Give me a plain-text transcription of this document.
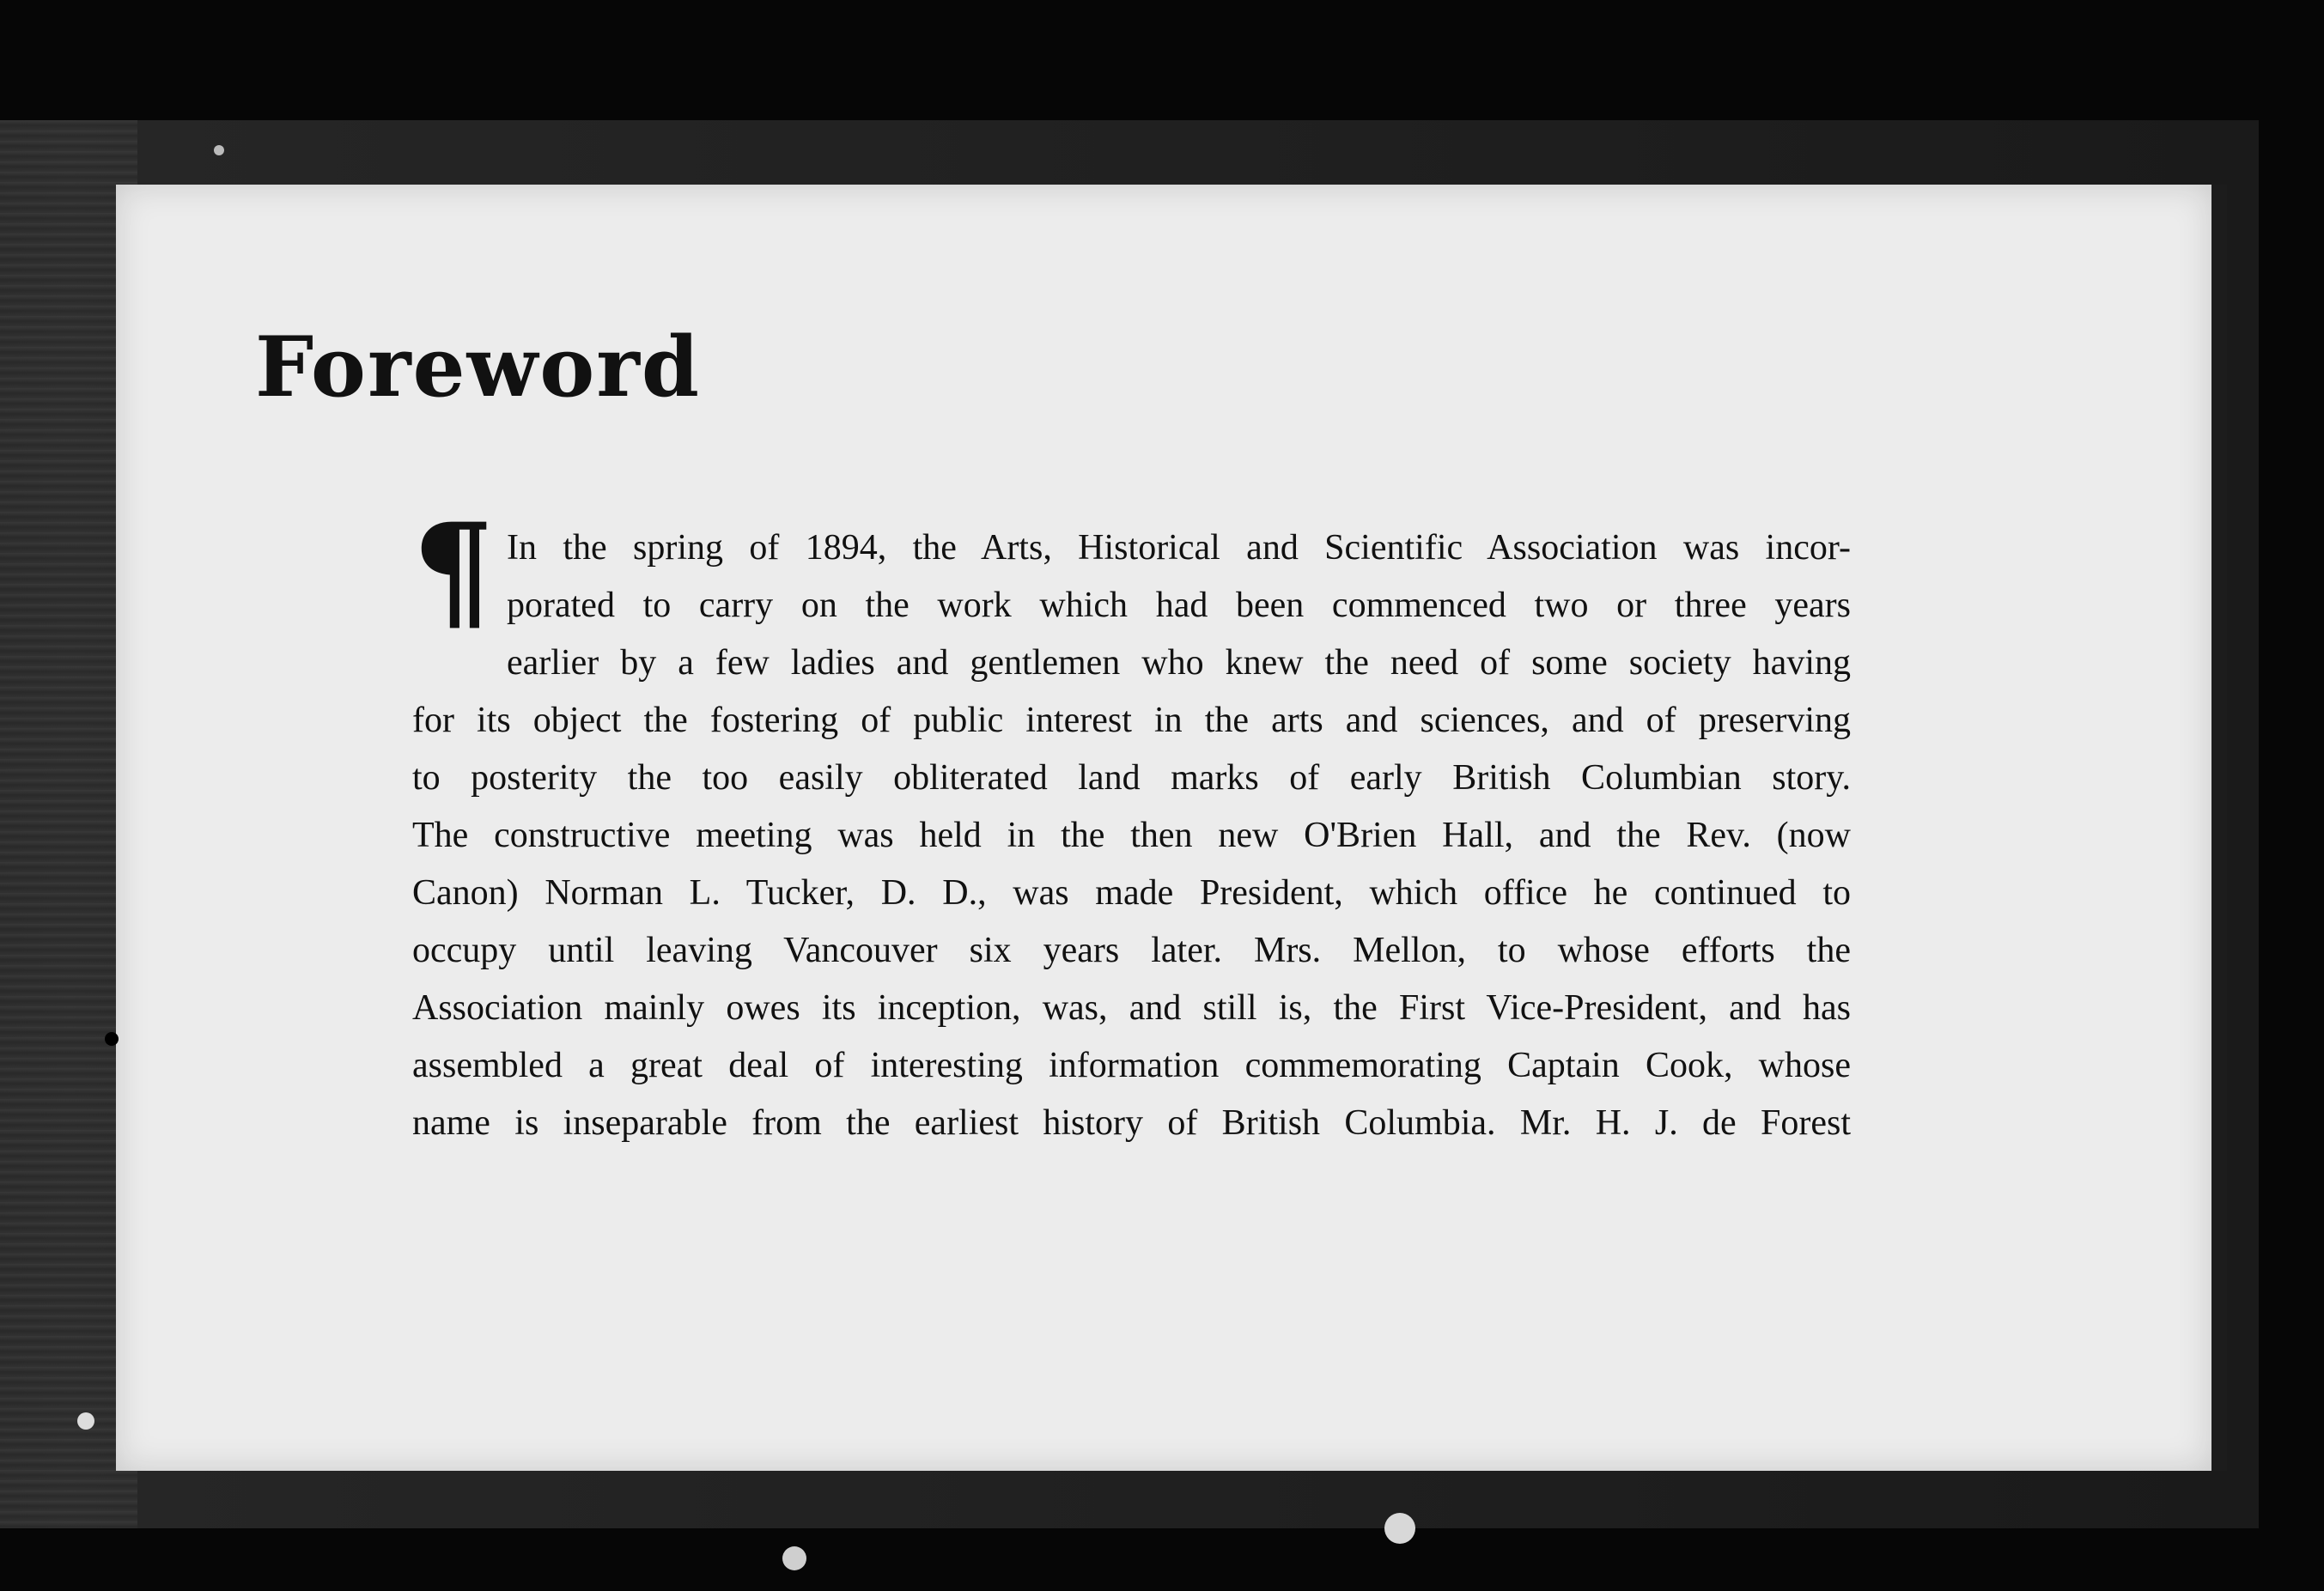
Foreword
¶ In the spring of 1894, the Arts, Historical and Scientific Association was incor-
porated to carry on the work which had been commenced two or three years
earlier by a few ladies and gentlemen who knew the need of some society having
for its object the fostering of public interest in the arts and sciences, and of preserving
to posterity the too easily obliterated land marks of early British Columbian story.
The constructive meeting was held in the then new O'Brien Hall, and the Rev. (now
Canon) Norman L. Tucker, D. D., was made President, which office he continued to
occupy until leaving Vancouver six years later. Mrs. Mellon, to whose efforts the
Association mainly owes its inception, was, and still is, the First Vice-President, and has
assembled a great deal of interesting information commemorating Captain Cook, whose
name is inseparable from the earliest history of British Columbia. Mr. H. J. de Forest
